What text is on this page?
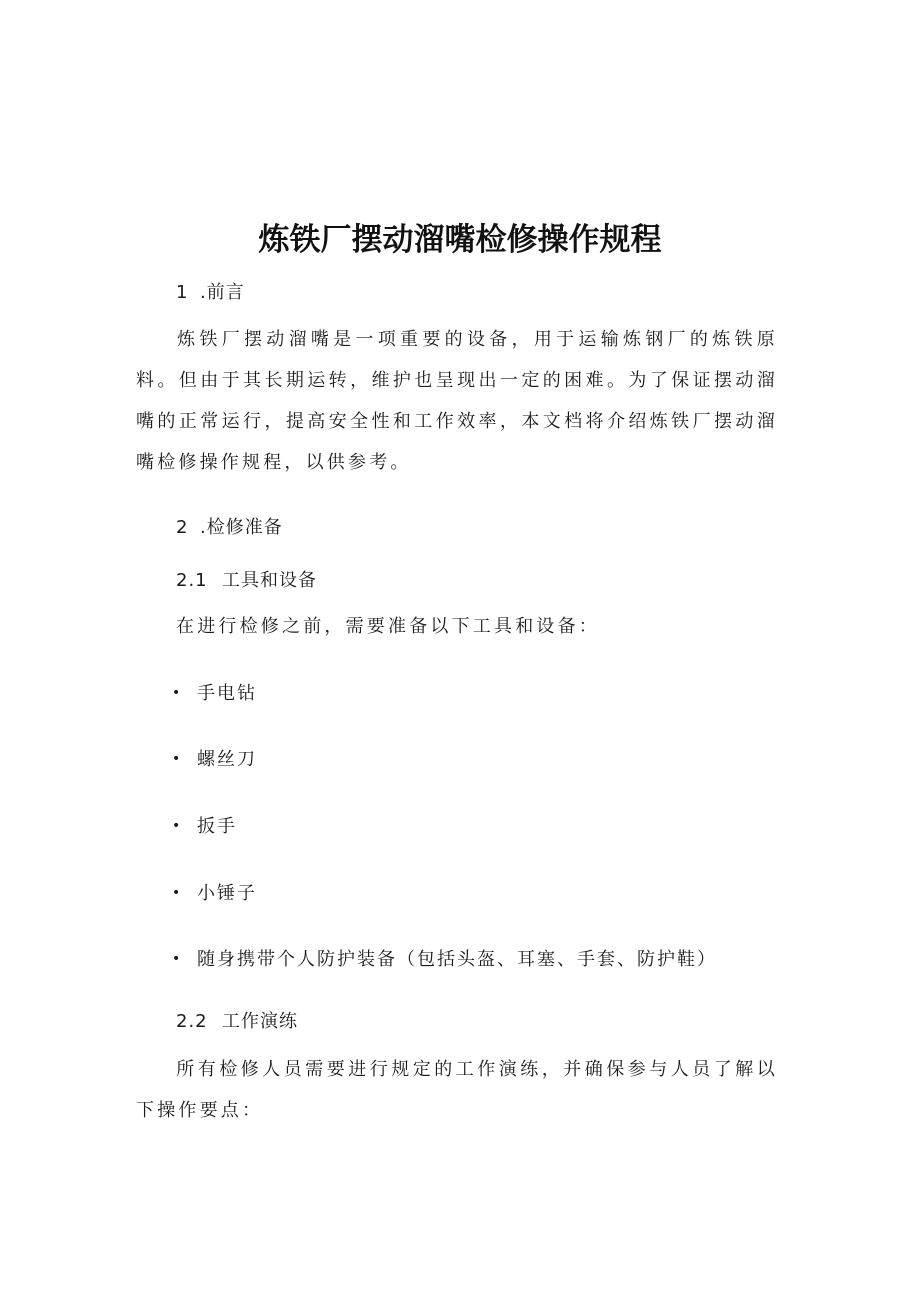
炼铁厂摆动溜嘴检修操作规程
1 .前言

炼铁厂摆动溜嘴是一项重要的设备，用于运输炼钢厂的炼铁原料。但由于其长期运转，维护也呈现出一定的困难。为了保证摆动溜嘴的正常运行，提高安全性和工作效率，本文档将介绍炼铁厂摆动溜嘴检修操作规程，以供参考。

2 .检修准备
2.1 工具和设备

在进行检修之前，需要准备以下工具和设备：

• 手电钻
• 螺丝刀
• 扳手
• 小锤子
• 随身携带个人防护装备（包括头盔、耳塞、手套、防护鞋）
2.2 工作演练

所有检修人员需要进行规定的工作演练，并确保参与人员了解以下操作要点：
